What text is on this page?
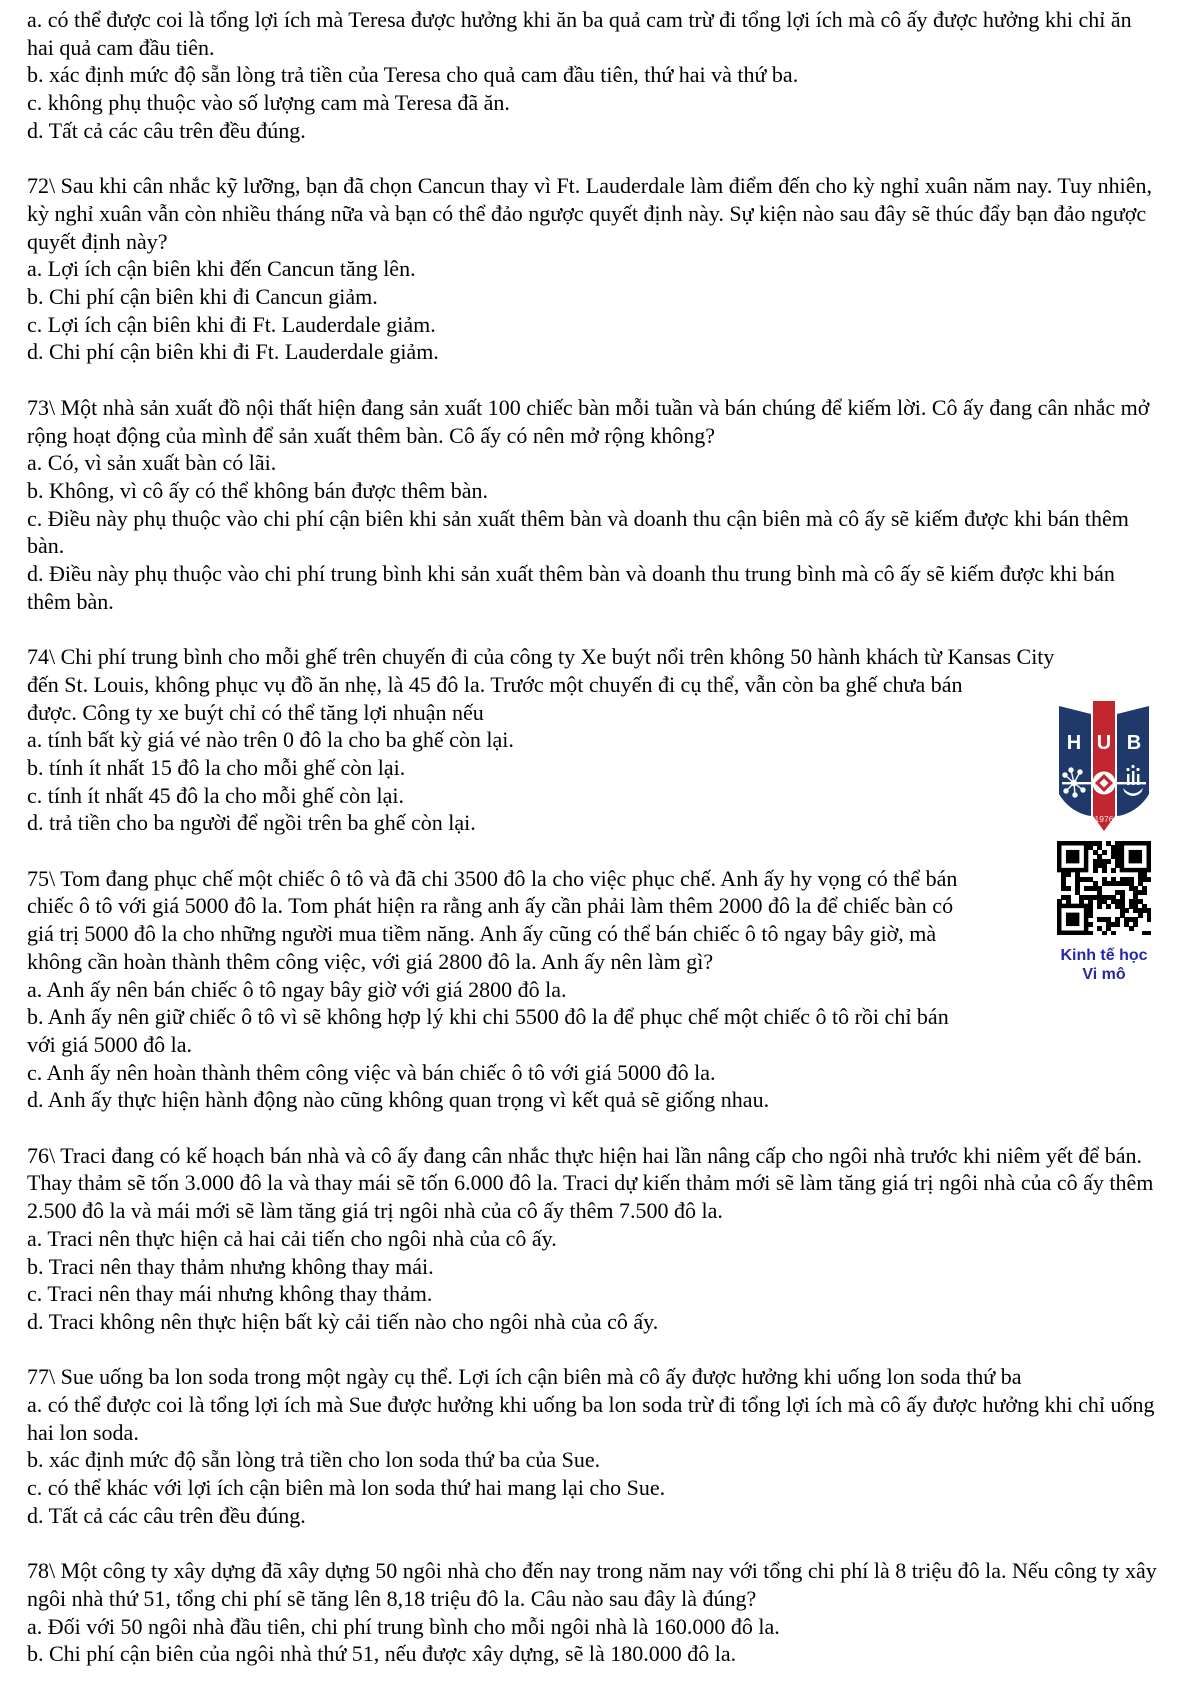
a. có thể được coi là tổng lợi ích mà Teresa được hưởng khi ăn ba quả cam trừ đi tổng lợi ích mà cô ấy được hưởng khi chỉ ăn hai quả cam đầu tiên.
b. xác định mức độ sẵn lòng trả tiền của Teresa cho quả cam đầu tiên, thứ hai và thứ ba.
c. không phụ thuộc vào số lượng cam mà Teresa đã ăn.
d. Tất cả các câu trên đều đúng.
72\ Sau khi cân nhắc kỹ lưỡng, bạn đã chọn Cancun thay vì Ft. Lauderdale làm điểm đến cho kỳ nghỉ xuân năm nay. Tuy nhiên, kỳ nghỉ xuân vẫn còn nhiều tháng nữa và bạn có thể đảo ngược quyết định này. Sự kiện nào sau đây sẽ thúc đẩy bạn đảo ngược quyết định này?
a. Lợi ích cận biên khi đến Cancun tăng lên.
b. Chi phí cận biên khi đi Cancun giảm.
c. Lợi ích cận biên khi đi Ft. Lauderdale giảm.
d. Chi phí cận biên khi đi Ft. Lauderdale giảm.
73\ Một nhà sản xuất đồ nội thất hiện đang sản xuất 100 chiếc bàn mỗi tuần và bán chúng để kiếm lời. Cô ấy đang cân nhắc mở rộng hoạt động của mình để sản xuất thêm bàn. Cô ấy có nên mở rộng không?
a. Có, vì sản xuất bàn có lãi.
b. Không, vì cô ấy có thể không bán được thêm bàn.
c. Điều này phụ thuộc vào chi phí cận biên khi sản xuất thêm bàn và doanh thu cận biên mà cô ấy sẽ kiếm được khi bán thêm bàn.
d. Điều này phụ thuộc vào chi phí trung bình khi sản xuất thêm bàn và doanh thu trung bình mà cô ấy sẽ kiếm được khi bán thêm bàn.
74\ Chi phí trung bình cho mỗi ghế trên chuyến đi của công ty Xe buýt nổi trên không 50 hành khách từ Kansas City
H U B
1976
Kinh tế học
Vi mô
đến St. Louis, không phục vụ đồ ăn nhẹ, là 45 đô la. Trước một chuyến đi cụ thể, vẫn còn ba ghế chưa bán được. Công ty xe buýt chỉ có thể tăng lợi nhuận nếu
a. tính bất kỳ giá vé nào trên 0 đô la cho ba ghế còn lại.
b. tính ít nhất 15 đô la cho mỗi ghế còn lại.
c. tính ít nhất 45 đô la cho mỗi ghế còn lại.
d. trả tiền cho ba người để ngồi trên ba ghế còn lại.
75\ Tom đang phục chế một chiếc ô tô và đã chi 3500 đô la cho việc phục chế. Anh ấy hy vọng có thể bán chiếc ô tô với giá 5000 đô la. Tom phát hiện ra rằng anh ấy cần phải làm thêm 2000 đô la để chiếc bàn có giá trị 5000 đô la cho những người mua tiềm năng. Anh ấy cũng có thể bán chiếc ô tô ngay bây giờ, mà không cần hoàn thành thêm công việc, với giá 2800 đô la. Anh ấy nên làm gì?
a. Anh ấy nên bán chiếc ô tô ngay bây giờ với giá 2800 đô la.
b. Anh ấy nên giữ chiếc ô tô vì sẽ không hợp lý khi chi 5500 đô la để phục chế một chiếc ô tô rồi chỉ bán với giá 5000 đô la.
c. Anh ấy nên hoàn thành thêm công việc và bán chiếc ô tô với giá 5000 đô la.
d. Anh ấy thực hiện hành động nào cũng không quan trọng vì kết quả sẽ giống nhau.
76\ Traci đang có kế hoạch bán nhà và cô ấy đang cân nhắc thực hiện hai lần nâng cấp cho ngôi nhà trước khi niêm yết để bán. Thay thảm sẽ tốn 3.000 đô la và thay mái sẽ tốn 6.000 đô la. Traci dự kiến thảm mới sẽ làm tăng giá trị ngôi nhà của cô ấy thêm 2.500 đô la và mái mới sẽ làm tăng giá trị ngôi nhà của cô ấy thêm 7.500 đô la.
a. Traci nên thực hiện cả hai cải tiến cho ngôi nhà của cô ấy.
b. Traci nên thay thảm nhưng không thay mái.
c. Traci nên thay mái nhưng không thay thảm.
d. Traci không nên thực hiện bất kỳ cải tiến nào cho ngôi nhà của cô ấy.
77\ Sue uống ba lon soda trong một ngày cụ thể. Lợi ích cận biên mà cô ấy được hưởng khi uống lon soda thứ ba
a. có thể được coi là tổng lợi ích mà Sue được hưởng khi uống ba lon soda trừ đi tổng lợi ích mà cô ấy được hưởng khi chỉ uống hai lon soda.
b. xác định mức độ sẵn lòng trả tiền cho lon soda thứ ba của Sue.
c. có thể khác với lợi ích cận biên mà lon soda thứ hai mang lại cho Sue.
d. Tất cả các câu trên đều đúng.
78\ Một công ty xây dựng đã xây dựng 50 ngôi nhà cho đến nay trong năm nay với tổng chi phí là 8 triệu đô la. Nếu công ty xây ngôi nhà thứ 51, tổng chi phí sẽ tăng lên 8,18 triệu đô la. Câu nào sau đây là đúng?
a. Đối với 50 ngôi nhà đầu tiên, chi phí trung bình cho mỗi ngôi nhà là 160.000 đô la.
b. Chi phí cận biên của ngôi nhà thứ 51, nếu được xây dựng, sẽ là 180.000 đô la.
